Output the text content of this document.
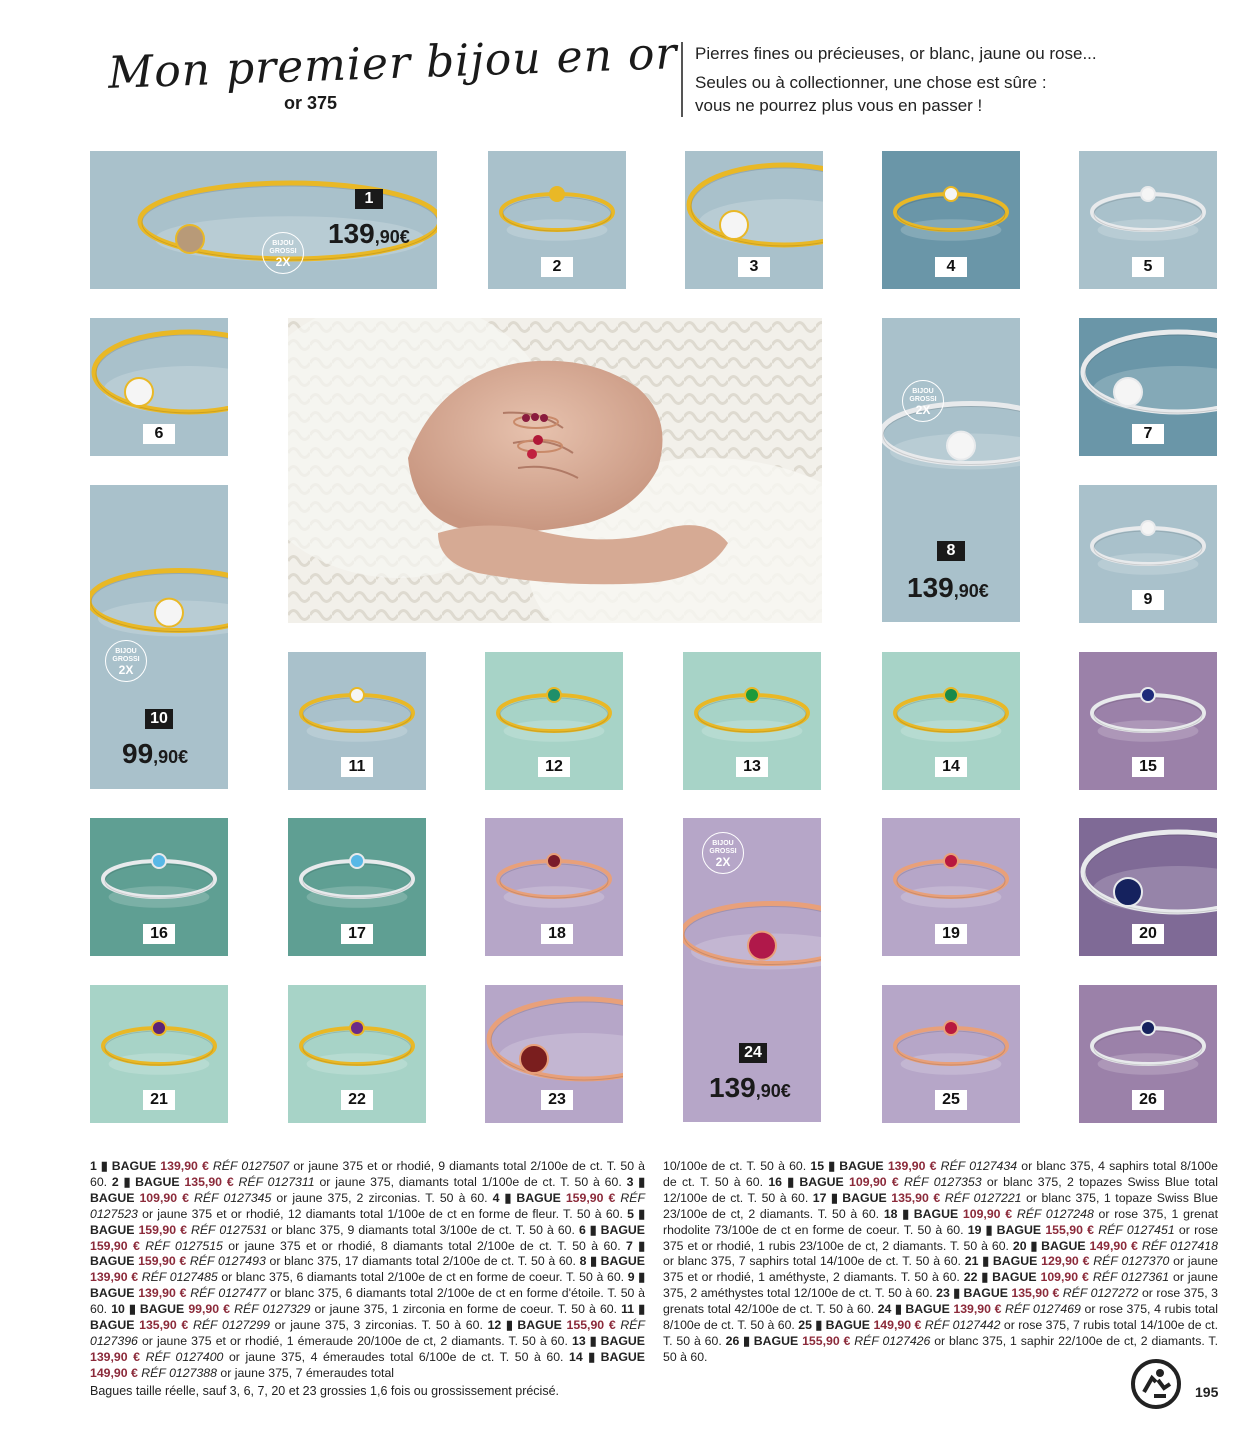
Mon premier bijou en or
or 375
Pierres fines ou précieuses, or blanc, jaune ou rose...
Seules ou à collectionner, une chose est sûre :
vous ne pourrez plus vous en passer !
1
139,90€
BIJOU
GROSSI
2X	2	3	4	5
6	7
8
139,90€
BIJOU
GROSSI
2X
9
10
99,90€
BIJOU
GROSSI
2X
11	12	13	14	15
16	17	18	19	20
21	22	23
24
139,90€
BIJOU
GROSSI
2X
25	26
1 ▮ BAGUE 139,90 € RÉF 0127507 or jaune 375 et or rhodié, 9 diamants total 2/100e de ct. T. 50 à 60. 2 ▮ BAGUE 135,90 € RÉF 0127311 or jaune 375, diamants total 1/100e de ct. T. 50 à 60. 3 ▮ BAGUE 109,90 € RÉF 0127345 or jaune 375, 2 zirconias. T. 50 à 60. 4 ▮ BAGUE 159,90 € RÉF 0127523 or jaune 375 et or rhodié, 12 diamants total 1/100e de ct en forme de fleur. T. 50 à 60. 5 ▮ BAGUE 159,90 € RÉF 0127531 or blanc 375, 9 diamants total 3/100e de ct. T. 50 à 60. 6 ▮ BAGUE 159,90 € RÉF 0127515 or jaune 375 et or rhodié, 8 diamants total 2/100e de ct. T. 50 à 60. 7 ▮ BAGUE 159,90 € RÉF 0127493 or blanc 375, 17 diamants total 2/100e de ct. T. 50 à 60. 8 ▮ BAGUE 139,90 € RÉF 0127485 or blanc 375, 6 diamants total 2/100e de ct en forme de coeur. T. 50 à 60. 9 ▮ BAGUE 139,90 € RÉF 0127477 or blanc 375, 6 diamants total 2/100e de ct en forme d'étoile. T. 50 à 60. 10 ▮ BAGUE 99,90 € RÉF 0127329 or jaune 375, 1 zirconia en forme de coeur. T. 50 à 60. 11 ▮ BAGUE 135,90 € RÉF 0127299 or jaune 375, 3 zirconias. T. 50 à 60. 12 ▮ BAGUE 155,90 € RÉF 0127396 or jaune 375 et or rhodié, 1 émeraude 20/100e de ct, 2 diamants. T. 50 à 60. 13 ▮ BAGUE 139,90 € RÉF 0127400 or jaune 375, 4 émeraudes total 6/100e de ct. T. 50 à 60. 14 ▮ BAGUE 149,90 € RÉF 0127388 or jaune 375, 7 émeraudes total
10/100e de ct. T. 50 à 60. 15 ▮ BAGUE 139,90 € RÉF 0127434 or blanc 375, 4 saphirs total 8/100e de ct. T. 50 à 60. 16 ▮ BAGUE 109,90 € RÉF 0127353 or blanc 375, 2 topazes Swiss Blue total 12/100e de ct. T. 50 à 60. 17 ▮ BAGUE 135,90 € RÉF 0127221 or blanc 375, 1 topaze Swiss Blue 23/100e de ct, 2 diamants. T. 50 à 60. 18 ▮ BAGUE 109,90 € RÉF 0127248 or rose 375, 1 grenat rhodolite 73/100e de ct en forme de coeur. T. 50 à 60. 19 ▮ BAGUE 155,90 € RÉF 0127451 or rose 375 et or rhodié, 1 rubis 23/100e de ct, 2 diamants. T. 50 à 60. 20 ▮ BAGUE 149,90 € RÉF 0127418 or blanc 375, 7 saphirs total 14/100e de ct. T. 50 à 60. 21 ▮ BAGUE 129,90 € RÉF 0127370 or jaune 375 et or rhodié, 1 améthyste, 2 diamants. T. 50 à 60. 22 ▮ BAGUE 109,90 € RÉF 0127361 or jaune 375, 2 améthystes total 12/100e de ct. T. 50 à 60. 23 ▮ BAGUE 135,90 € RÉF 0127272 or rose 375, 3 grenats total 42/100e de ct. T. 50 à 60. 24 ▮ BAGUE 139,90 € RÉF 0127469 or rose 375, 4 rubis total 8/100e de ct. T. 50 à 60. 25 ▮ BAGUE 149,90 € RÉF 0127442 or rose 375, 7 rubis total 14/100e de ct. T. 50 à 60. 26 ▮ BAGUE 155,90 € RÉF 0127426 or blanc 375, 1 saphir 22/100e de ct, 2 diamants. T. 50 à 60.
Bagues taille réelle, sauf 3, 6, 7, 20 et 23 grossies 1,6 fois ou grossissement précisé.	195
